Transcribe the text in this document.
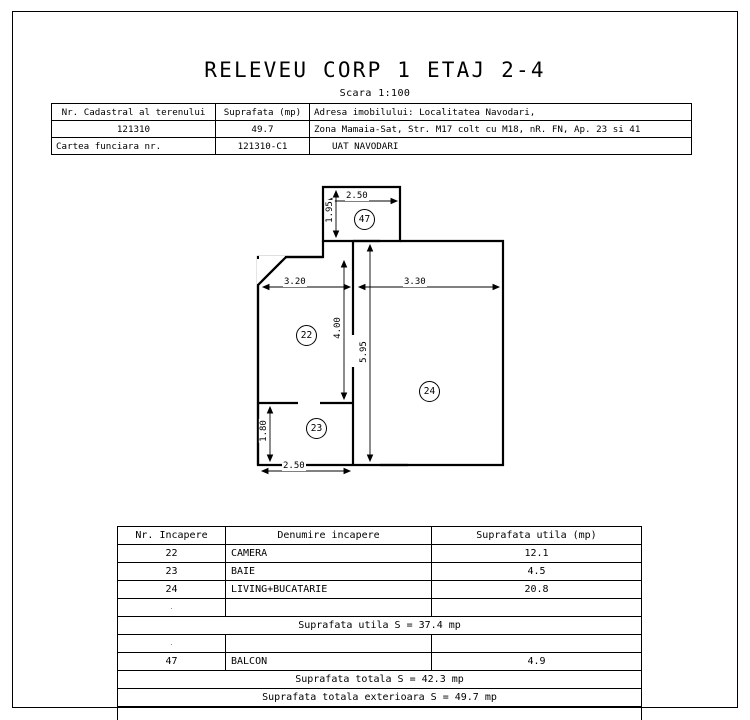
RELEVEU CORP 1 ETAJ 2-4
Scara 1:100
Nr. Cadastral al terenului	Suprafata (mp)	Adresa imobilului: Localitatea Navodari,
121310	49.7	Zona Mamaia-Sat, Str. M17 colt cu M18, nR. FN, Ap. 23 si 41
Cartea funciara nr.	121310-C1	UAT NAVODARI
2.50
1.95
3.20	3.30
4.00
5.95
1.80
2.50
47
22
23
24
Nr. Incapere	Denumire incapere	Suprafata utila (mp)
22	CAMERA	12.1
23	BAIE	4.5
24	LIVING+BUCATARIE	20.8
.		
Suprafata utila S = 37.4 mp		
.		
47	BALCON	4.9
Suprafata totala S = 42.3 mp		
Suprafata totala exterioara S = 49.7 mp		
